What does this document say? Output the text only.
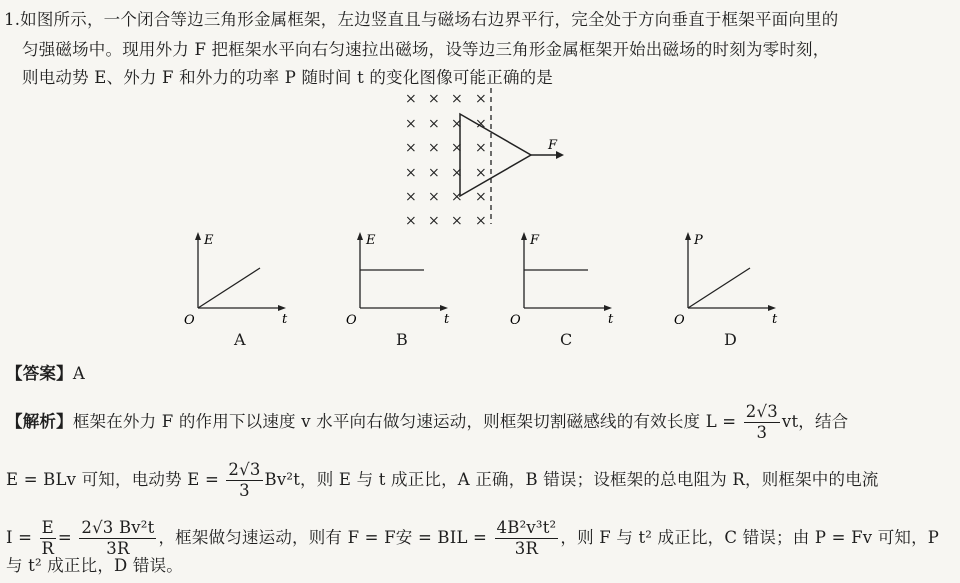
1.如图所示，一个闭合等边三角形金属框架，左边竖直且与磁场右边界平行，完全处于方向垂直于框架平面向里的
匀强磁场中。现用外力 F 把框架水平向右匀速拉出磁场，设等边三角形金属框架开始出磁场的时刻为零时刻，
则电动势 E、外力 F 和外力的功率 P 随时间 t 的变化图像可能正确的是
× × × ×
× × × ×
× × × ×
× × × ×
× × × ×
× × × ×
F
E
t
O
A
E
t
O
B
F
t
O
C
P
t
O
D
【答案】A
【解析】框架在外力 F 的作用下以速度 v 水平向右做匀速运动，则框架切割磁感线的有效长度 $L = \frac{2√3}{3}$ vt，结合
E = BLv 可知，电动势 $E = \frac{2√3}{3} Bv^2t$，则 E 与 t 成正比，A 正确，B 错误；设框架的总电阻为 R，则框架中的电流
$I = \frac{E}{R} = \frac{\text{2√3 Bv²t}}{3R}$ ，框架做匀速运动，则有 F = F安 = BIL = $\frac{\text{4B²v³t²}}{3R}$ ，则 F 与 t² 成正比，C 错误；由 P = Fv 可知，P
与 t² 成正比，D 错误。
